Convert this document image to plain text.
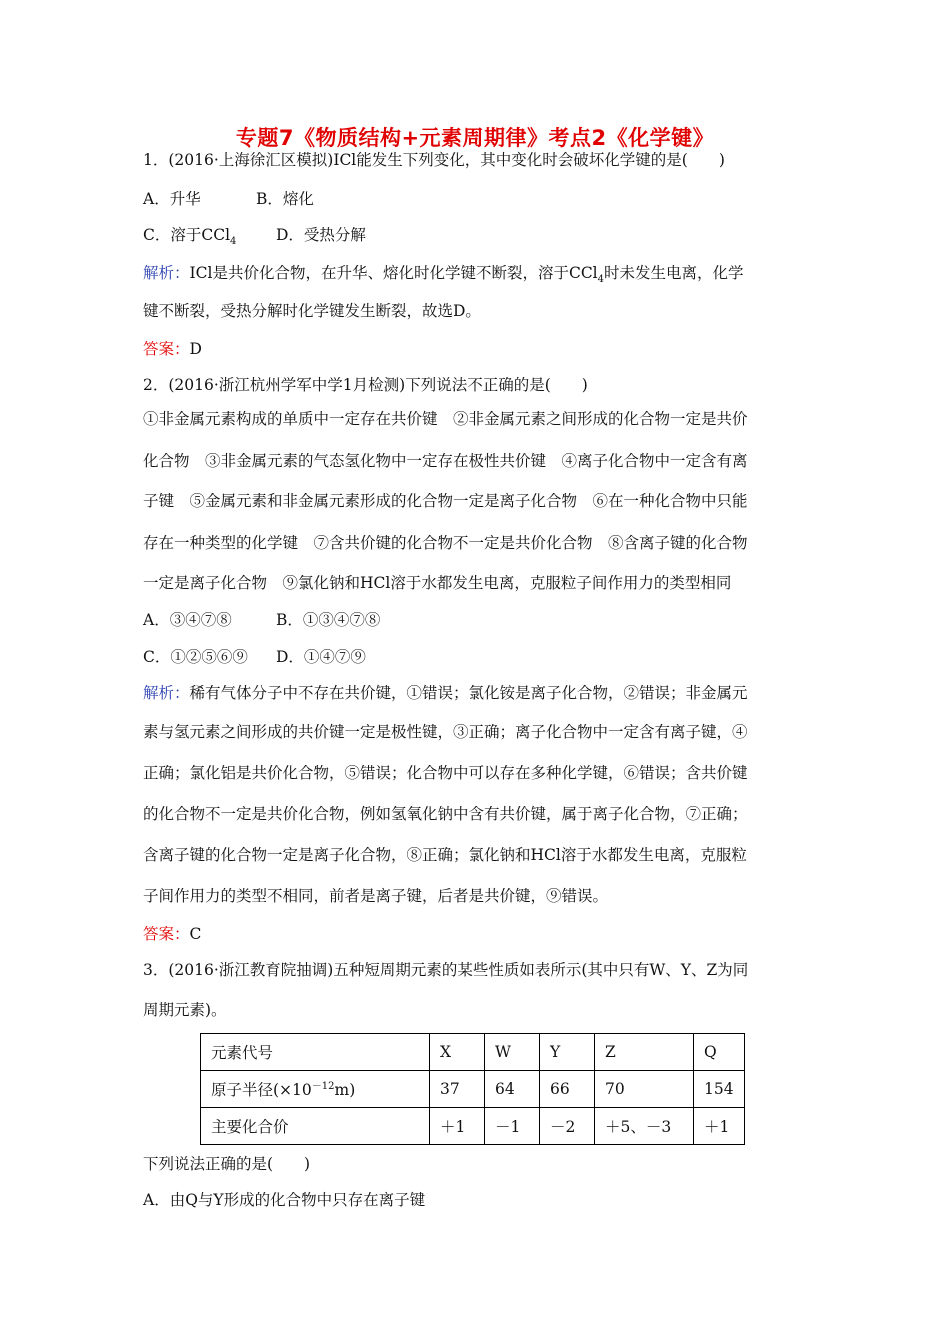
专题7《物质结构+元素周期律》考点2《化学键》
1．(2016·上海徐汇区模拟)ICl能发生下列变化，其中变化时会破坏化学键的是(　　)
A．升华	B．熔化
C．溶于CCl$_4$	D．受热分解
解析：ICl是共价化合物，在升华、熔化时化学键不断裂，溶于CCl$_4$时未发生电离，化学
键不断裂，受热分解时化学键发生断裂，故选D。
答案：D
2．(2016·浙江杭州学军中学1月检测)下列说法不正确的是(　　)
①非金属元素构成的单质中一定存在共价键　②非金属元素之间形成的化合物一定是共价
化合物　③非金属元素的气态氢化物中一定存在极性共价键　④离子化合物中一定含有离
子键　⑤金属元素和非金属元素形成的化合物一定是离子化合物　⑥在一种化合物中只能
存在一种类型的化学键　⑦含共价键的化合物不一定是共价化合物　⑧含离子键的化合物
一定是离子化合物　⑨氯化钠和HCl溶于水都发生电离，克服粒子间作用力的类型相同
A．③④⑦⑧	B．①③④⑦⑧
C．①②⑤⑥⑨ D．①④⑦⑨
解析：稀有气体分子中不存在共价键，①错误；氯化铵是离子化合物，②错误；非金属元
素与氢元素之间形成的共价键一定是极性键，③正确；离子化合物中一定含有离子键，④
正确；氯化铝是共价化合物，⑤错误；化合物中可以存在多种化学键，⑥错误；含共价键
的化合物不一定是共价化合物，例如氢氧化钠中含有共价键，属于离子化合物，⑦正确；
含离子键的化合物一定是离子化合物，⑧正确；氯化钠和HCl溶于水都发生电离，克服粒
子间作用力的类型不相同，前者是离子键，后者是共价键，⑨错误。
答案：C
3．(2016·浙江教育院抽调)五种短周期元素的某些性质如表所示(其中只有W、Y、Z为同
周期元素)。
元素代号	X	W	Y	Z	Q
原子半径$(\times 10^{-12}m)$	37	64	66	70	154
主要化合价	＋1	－1	－2	＋5、－3	＋1
下列说法正确的是(　　)
A．由Q与Y形成的化合物中只存在离子键
